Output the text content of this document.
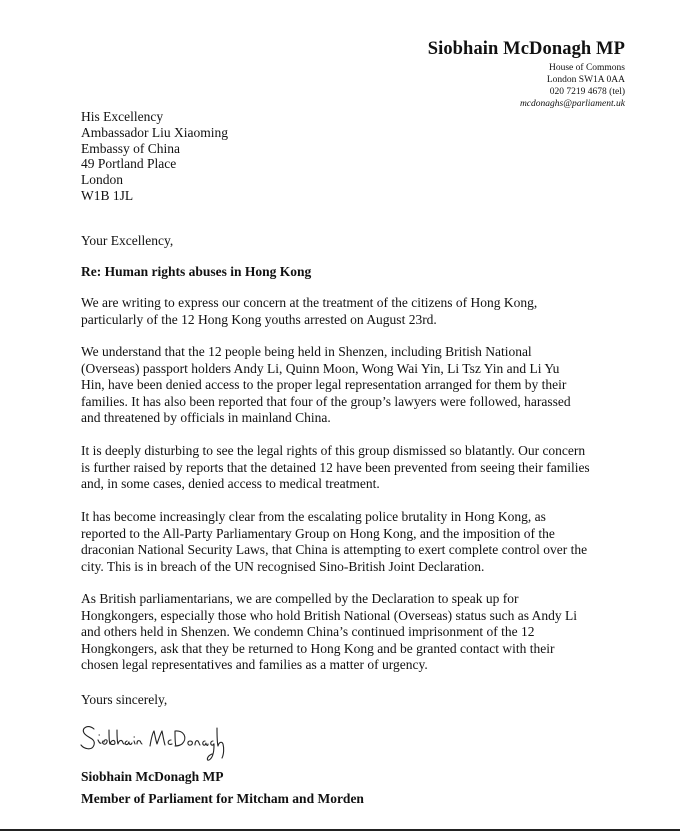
Siobhain McDonagh MP
House of Commons
London SW1A 0AA
020 7219 4678 (tel)
mcdonaghs@parliament.uk
His Excellency
Ambassador Liu Xiaoming
Embassy of China
49 Portland Place
London
W1B 1JL
Your Excellency,
Re: Human rights abuses in Hong Kong
We are writing to express our concern at the treatment of the citizens of Hong Kong,
particularly of the 12 Hong Kong youths arrested on August 23rd.
We understand that the 12 people being held in Shenzen, including British National
(Overseas) passport holders Andy Li, Quinn Moon, Wong Wai Yin, Li Tsz Yin and Li Yu
Hin, have been denied access to the proper legal representation arranged for them by their
families. It has also been reported that four of the group’s lawyers were followed, harassed
and threatened by officials in mainland China.
It is deeply disturbing to see the legal rights of this group dismissed so blatantly. Our concern
is further raised by reports that the detained 12 have been prevented from seeing their families
and, in some cases, denied access to medical treatment.
It has become increasingly clear from the escalating police brutality in Hong Kong, as
reported to the All-Party Parliamentary Group on Hong Kong, and the imposition of the
draconian National Security Laws, that China is attempting to exert complete control over the
city. This is in breach of the UN recognised Sino-British Joint Declaration.
As British parliamentarians, we are compelled by the Declaration to speak up for
Hongkongers, especially those who hold British National (Overseas) status such as Andy Li
and others held in Shenzen. We condemn China’s continued imprisonment of the 12
Hongkongers, ask that they be returned to Hong Kong and be granted contact with their
chosen legal representatives and families as a matter of urgency.
Yours sincerely,
Siobhain McDonagh MP
Member of Parliament for Mitcham and Morden
